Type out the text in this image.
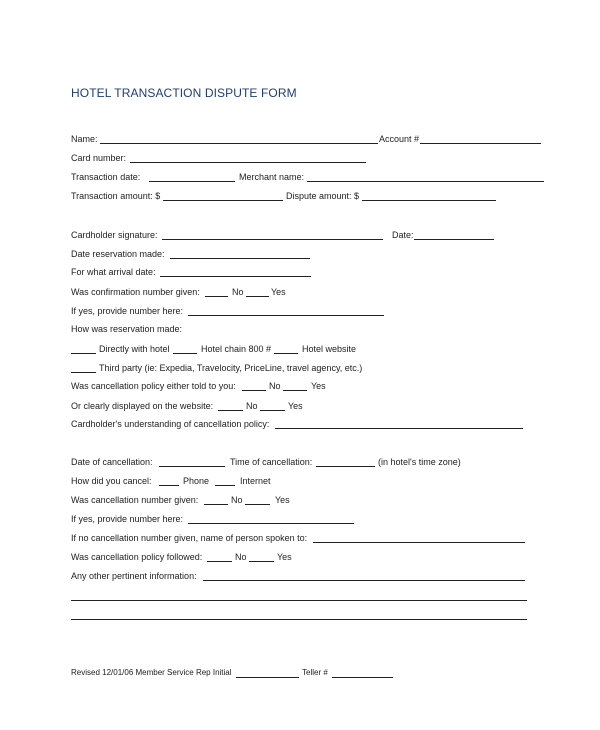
HOTEL TRANSACTION DISPUTE FORM
Name:	Account #
Card number:
Transaction date:	Merchant name:
Transaction amount: $	Dispute amount: $
Cardholder signature:	Date:
Date reservation made:
For what arrival date:
Was confirmation number given:	No	Yes
If yes, provide number here:
How was reservation made:
Directly with hotel	Hotel chain 800 #	Hotel website
Third party (ie: Expedia, Travelocity, PriceLine, travel agency, etc.)
Was cancellation policy either told to you:	No	Yes
Or clearly displayed on the website:	No	Yes
Cardholder's understanding of cancellation policy:
Date of cancellation:	Time of cancellation:	(in hotel's time zone)
How did you cancel:	Phone	Internet
Was cancellation number given:	No	Yes
If yes, provide number here:
If no cancellation number given, name of person spoken to:
Was cancellation policy followed:	No	Yes
Any other pertinent information:
Revised 12/01/06 Member Service Rep Initial	Teller #
